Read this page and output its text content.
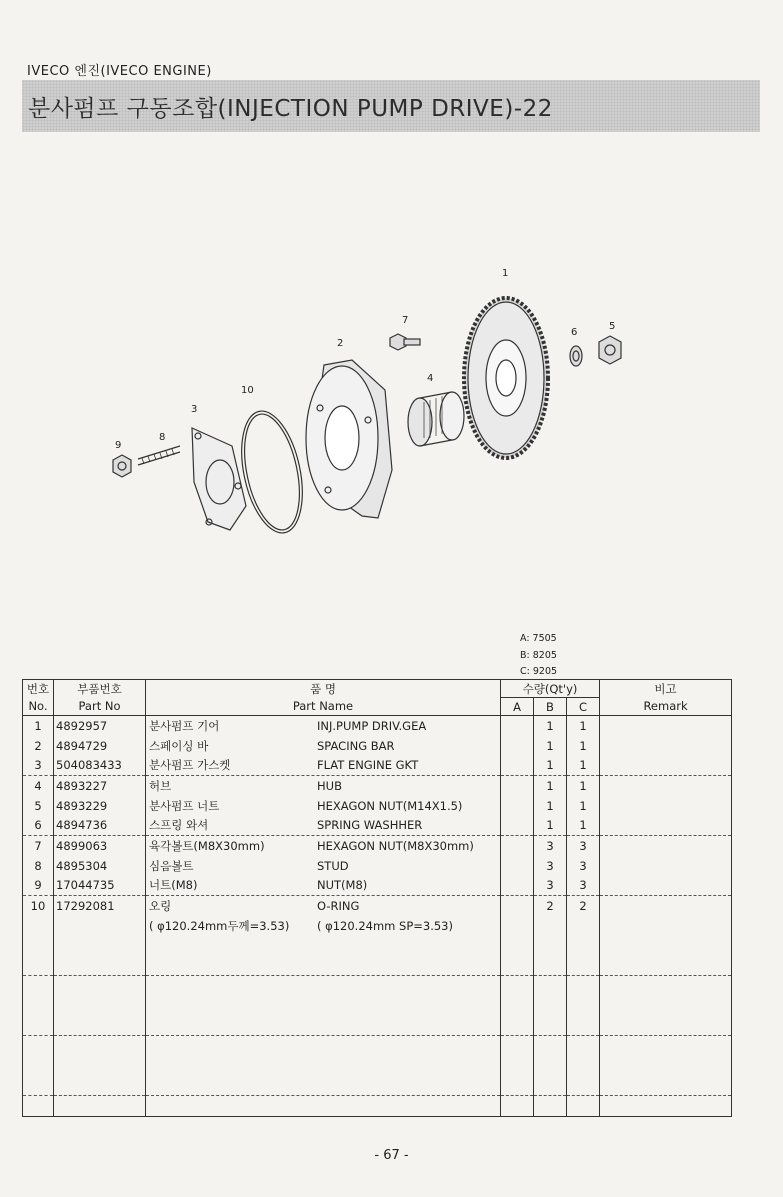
IVECO 엔진(IVECO ENGINE)
분사펌프 구동조합(INJECTION PUMP DRIVE)-22
1
2
3
4
5
6
7
8
9
10
A: 7505
B: 8205
C: 9205
번호	부품번호	품 명	수량(Qt'y)			비고
No.	Part No	Part Name	A	B	C	Remark
1	4892957	분사펌프 기어 INJ.PUMP DRIV.GEA		1	1	
2	4894729	스페이싱 바 SPACING BAR		1	1	
3	504083433	분사펌프 가스켓 FLAT ENGINE GKT		1	1	
4	4893227	허브 HUB		1	1	
5	4893229	분사펌프 너트 HEXAGON NUT(M14X1.5)		1	1	
6	4894736	스프링 와셔 SPRING WASHHER		1	1	
7	4899063	육각볼트(M8X30mm) HEXAGON NUT(M8X30mm)		3	3	
8	4895304	심음볼트 STUD		3	3	
9	17044735	너트(M8) NUT(M8)		3	3	
10	17292081	오링 O-RING		2	2	
		( φ120.24mm두께=3.53) ( φ120.24mm SP=3.53)				

- 67 -
